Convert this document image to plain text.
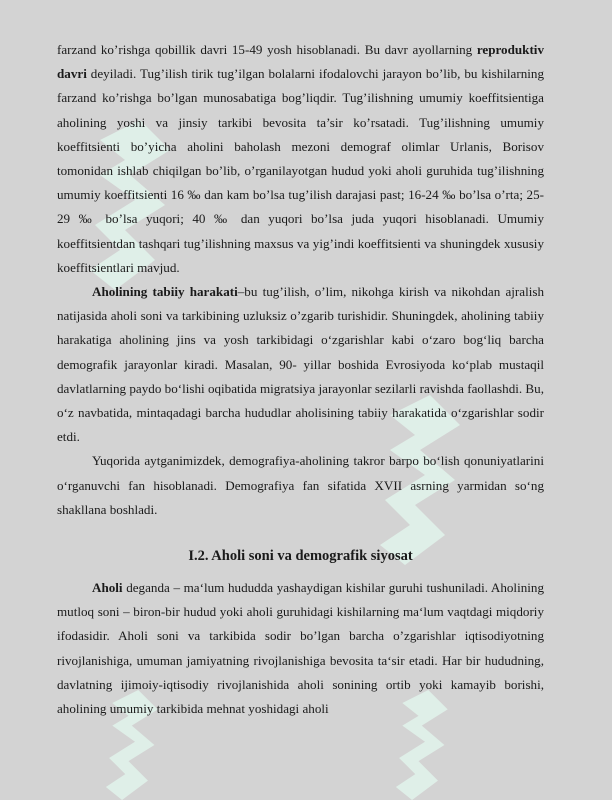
farzand ko’rishga qobillik davri 15-49 yosh hisoblanadi. Bu davr ayollarning reproduktiv davri deyiladi. Tug’ilish tirik tug’ilgan bolalarni ifodalovchi jarayon bo’lib, bu kishilarning farzand ko’rishga bo’lgan munosabatiga bog’liqdir. Tug’ilishning umumiy koeffitsientiga aholining yoshi va jinsiy tarkibi bevosita ta’sir ko’rsatadi. Tug’ilishning umumiy koeffitsienti bo’yicha aholini baholash mezoni demograf olimlar Urlanis, Borisov tomonidan ishlab chiqilgan bo’lib, o’rganilayotgan hudud yoki aholi guruhida tug’ilishning umumiy koeffitsienti 16 ‰ dan kam bo’lsa tug’ilish darajasi past; 16-24 ‰ bo’lsa o’rta; 25-29 ‰ bo’lsa yuqori; 40 ‰ dan yuqori bo’lsa juda yuqori hisoblanadi. Umumiy koeffitsientdan tashqari tug’ilishning maxsus va yig’indi koeffitsienti va shuningdek xususiy koeffitsientlari mavjud.

Aholining tabiiy harakati–bu tug’ilish, o’lim, nikohga kirish va nikohdan ajralish natijasida aholi soni va tarkibining uzluksiz o’zgarib turishidir. Shuningdek, aholining tabiiy harakatiga aholining jins va yosh tarkibidagi o‘zgarishlar kabi o‘zaro bog‘liq barcha demografik jarayonlar kiradi. Masalan, 90- yillar boshida Evrosiyoda ko‘plab mustaqil davlatlarning paydo bo‘lishi oqibatida migratsiya jarayonlar sezilarli ravishda faollashdi. Bu, o‘z navbatida, mintaqadagi barcha hududlar aholisining tabiiy harakatida o‘zgarishlar sodir etdi.

Yuqorida aytganimizdek, demografiya-aholining takror barpo bo‘lish qonuniyatlarini o‘rganuvchi fan hisoblanadi. Demografiya fan sifatida XVII asrning yarmidan so‘ng shakllana boshladi.

I.2. Aholi soni va demografik siyosat

Aholi deganda – ma‘lum hududda yashaydigan kishilar guruhi tushuniladi. Aholining mutloq soni – biron-bir hudud yoki aholi guruhidagi kishilarning ma‘lum vaqtdagi miqdoriy ifodasidir. Aholi soni va tarkibida sodir bo’lgan barcha o’zgarishlar iqtisodiyotning rivojlanishiga, umuman jamiyatning rivojlanishiga bevosita ta‘sir etadi. Har bir hududning, davlatning ijimoiy-iqtisodiy rivojlanishida aholi sonining ortib yoki kamayib borishi, aholining umumiy tarkibida mehnat yoshidagi aholi
